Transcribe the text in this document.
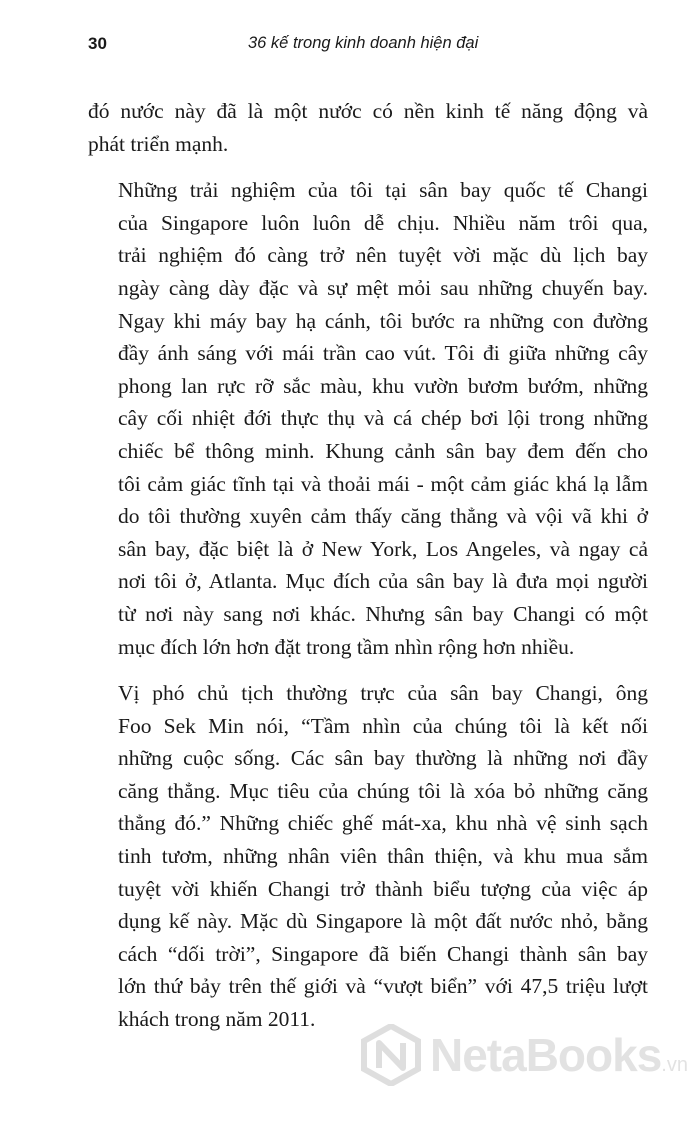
30	36 kế trong kinh doanh hiện đại

đó nước này đã là một nước có nền kinh tế năng động và
phát triển mạnh.

Những trải nghiệm của tôi tại sân bay quốc tế Changi
của Singapore luôn luôn dễ chịu. Nhiều năm trôi qua,
trải nghiệm đó càng trở nên tuyệt vời mặc dù lịch bay
ngày càng dày đặc và sự mệt mỏi sau những chuyến bay.
Ngay khi máy bay hạ cánh, tôi bước ra những con đường
đầy ánh sáng với mái trần cao vút. Tôi đi giữa những cây
phong lan rực rỡ sắc màu, khu vườn bươm bướm, những
cây cối nhiệt đới thực thụ và cá chép bơi lội trong những
chiếc bể thông minh. Khung cảnh sân bay đem đến cho
tôi cảm giác tĩnh tại và thoải mái - một cảm giác khá lạ lẫm
do tôi thường xuyên cảm thấy căng thẳng và vội vã khi ở
sân bay, đặc biệt là ở New York, Los Angeles, và ngay cả
nơi tôi ở, Atlanta. Mục đích của sân bay là đưa mọi người
từ nơi này sang nơi khác. Nhưng sân bay Changi có một
mục đích lớn hơn đặt trong tầm nhìn rộng hơn nhiều.

Vị phó chủ tịch thường trực của sân bay Changi, ông
Foo Sek Min nói, “Tầm nhìn của chúng tôi là kết nối
những cuộc sống. Các sân bay thường là những nơi đầy
căng thẳng. Mục tiêu của chúng tôi là xóa bỏ những căng
thẳng đó.” Những chiếc ghế mát-xa, khu nhà vệ sinh sạch
tinh tươm, những nhân viên thân thiện, và khu mua sắm
tuyệt vời khiến Changi trở thành biểu tượng của việc áp
dụng kế này. Mặc dù Singapore là một đất nước nhỏ, bằng
cách “dối trời”, Singapore đã biến Changi thành sân bay
lớn thứ bảy trên thế giới và “vượt biển” với 47,5 triệu lượt
khách trong năm 2011.

NetaBooks.vn
